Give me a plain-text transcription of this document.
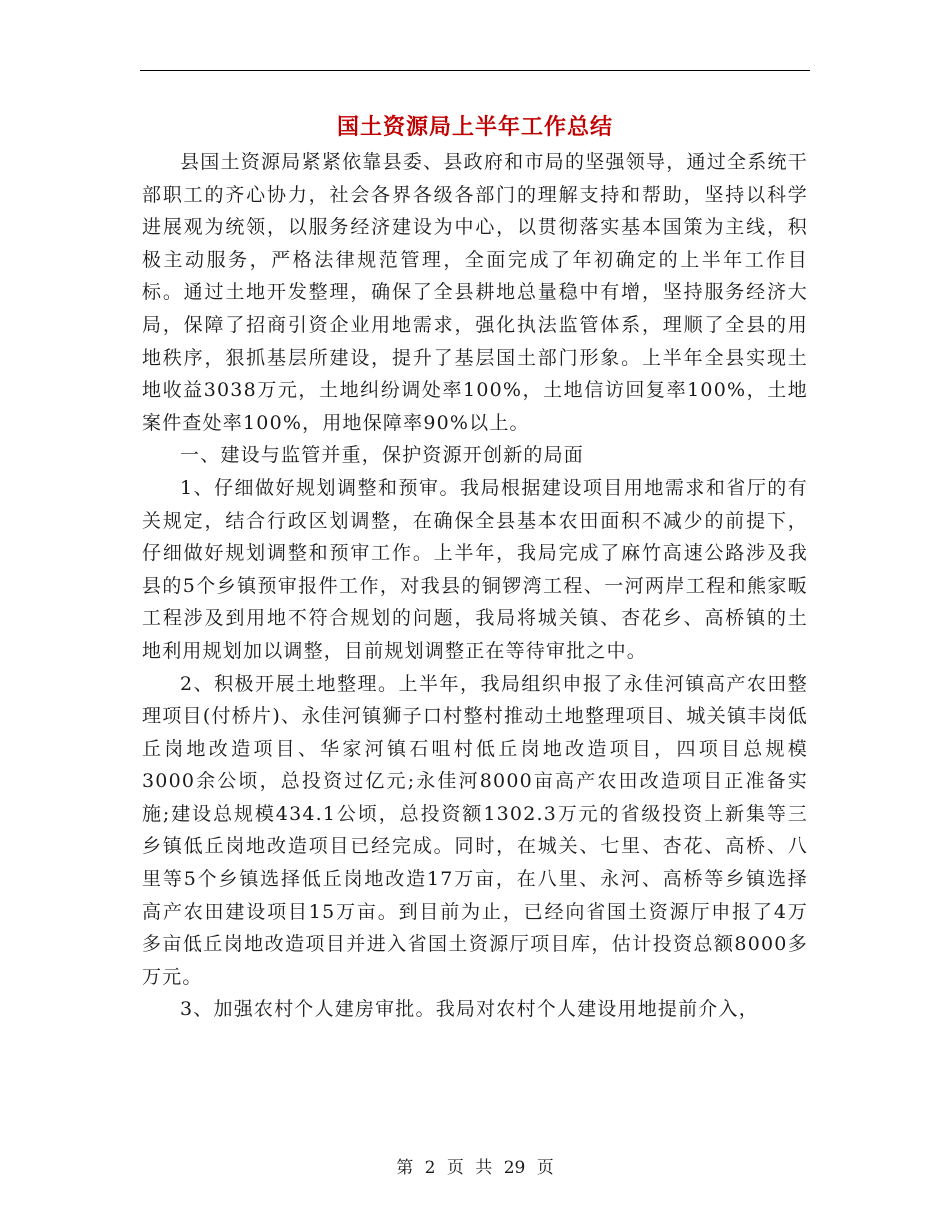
国土资源局上半年工作总结

县国土资源局紧紧依靠县委、县政府和市局的坚强领导，通过全系统干部职工的齐心协力，社会各界各级各部门的理解支持和帮助，坚持以科学进展观为统领，以服务经济建设为中心，以贯彻落实基本国策为主线，积极主动服务，严格法律规范管理，全面完成了年初确定的上半年工作目标。通过土地开发整理，确保了全县耕地总量稳中有增，坚持服务经济大局，保障了招商引资企业用地需求，强化执法监管体系，理顺了全县的用地秩序，狠抓基层所建设，提升了基层国土部门形象。上半年全县实现土地收益3038万元，土地纠纷调处率100%，土地信访回复率100%，土地案件查处率100%，用地保障率90%以上。

一、建设与监管并重，保护资源开创新的局面

1、仔细做好规划调整和预审。我局根据建设项目用地需求和省厅的有关规定，结合行政区划调整，在确保全县基本农田面积不减少的前提下，仔细做好规划调整和预审工作。上半年，我局完成了麻竹高速公路涉及我县的5个乡镇预审报件工作，对我县的铜锣湾工程、一河两岸工程和熊家畈工程涉及到用地不符合规划的问题，我局将城关镇、杏花乡、高桥镇的土地利用规划加以调整，目前规划调整正在等待审批之中。

2、积极开展土地整理。上半年，我局组织申报了永佳河镇高产农田整理项目(付桥片)、永佳河镇狮子口村整村推动土地整理项目、城关镇丰岗低丘岗地改造项目、华家河镇石咀村低丘岗地改造项目，四项目总规模 3000余公顷，总投资过亿元;永佳河8000亩高产农田改造项目正准备实施;建设总规模434.1公顷，总投资额1302.3万元的省级投资上新集等三乡镇低丘岗地改造项目已经完成。同时，在城关、七里、杏花、高桥、八里等5个乡镇选择低丘岗地改造17万亩，在八里、永河、高桥等乡镇选择高产农田建设项目15万亩。到目前为止，已经向省国土资源厅申报了4万多亩低丘岗地改造项目并进入省国土资源厅项目库，估计投资总额8000多万元。

3、加强农村个人建房审批。我局对农村个人建设用地提前介入，

第 2 页 共 29 页
